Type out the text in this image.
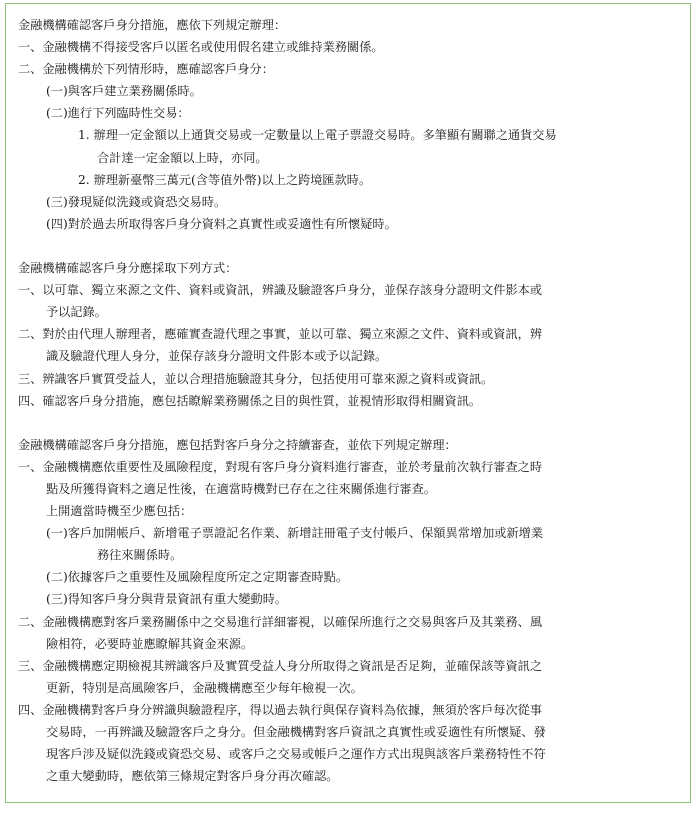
金融機構確認客戶身分措施，應依下列規定辦理：
一、金融機構不得接受客戶以匿名或使用假名建立或維持業務關係。
二、金融機構於下列情形時，應確認客戶身分：
(一)與客戶建立業務關係時。
(二)進行下列臨時性交易：
1. 辦理一定金額以上通貨交易或一定數量以上電子票證交易時。多筆顯有關聯之通貨交易
合計達一定金額以上時，亦同。
2. 辦理新臺幣三萬元(含等值外幣)以上之跨境匯款時。
(三)發現疑似洗錢或資恐交易時。
(四)對於過去所取得客戶身分資料之真實性或妥適性有所懷疑時。
金融機構確認客戶身分應採取下列方式：
一、以可靠、獨立來源之文件、資料或資訊，辨識及驗證客戶身分，並保存該身分證明文件影本或
予以記錄。
二、對於由代理人辦理者，應確實查證代理之事實，並以可靠、獨立來源之文件、資料或資訊，辨
識及驗證代理人身分，並保存該身分證明文件影本或予以記錄。
三、辨識客戶實質受益人，並以合理措施驗證其身分，包括使用可靠來源之資料或資訊。
四、確認客戶身分措施，應包括瞭解業務關係之目的與性質，並視情形取得相關資訊。
金融機構確認客戶身分措施，應包括對客戶身分之持續審查，並依下列規定辦理：
一、金融機構應依重要性及風險程度，對現有客戶身分資料進行審查，並於考量前次執行審查之時
點及所獲得資料之適足性後，在適當時機對已存在之往來關係進行審查。
上開適當時機至少應包括：
(一)客戶加開帳戶、新增電子票證記名作業、新增註冊電子支付帳戶、保額異常增加或新增業
務往來關係時。
(二)依據客戶之重要性及風險程度所定之定期審查時點。
(三)得知客戶身分與背景資訊有重大變動時。
二、金融機構應對客戶業務關係中之交易進行詳細審視，以確保所進行之交易與客戶及其業務、風
險相符，必要時並應瞭解其資金來源。
三、金融機構應定期檢視其辨識客戶及實質受益人身分所取得之資訊是否足夠，並確保該等資訊之
更新，特別是高風險客戶，金融機構應至少每年檢視一次。
四、金融機構對客戶身分辨識與驗證程序，得以過去執行與保存資料為依據，無須於客戶每次從事
交易時，一再辨識及驗證客戶之身分。但金融機構對客戶資訊之真實性或妥適性有所懷疑、發
現客戶涉及疑似洗錢或資恐交易、或客戶之交易或帳戶之運作方式出現與該客戶業務特性不符
之重大變動時，應依第三條規定對客戶身分再次確認。
